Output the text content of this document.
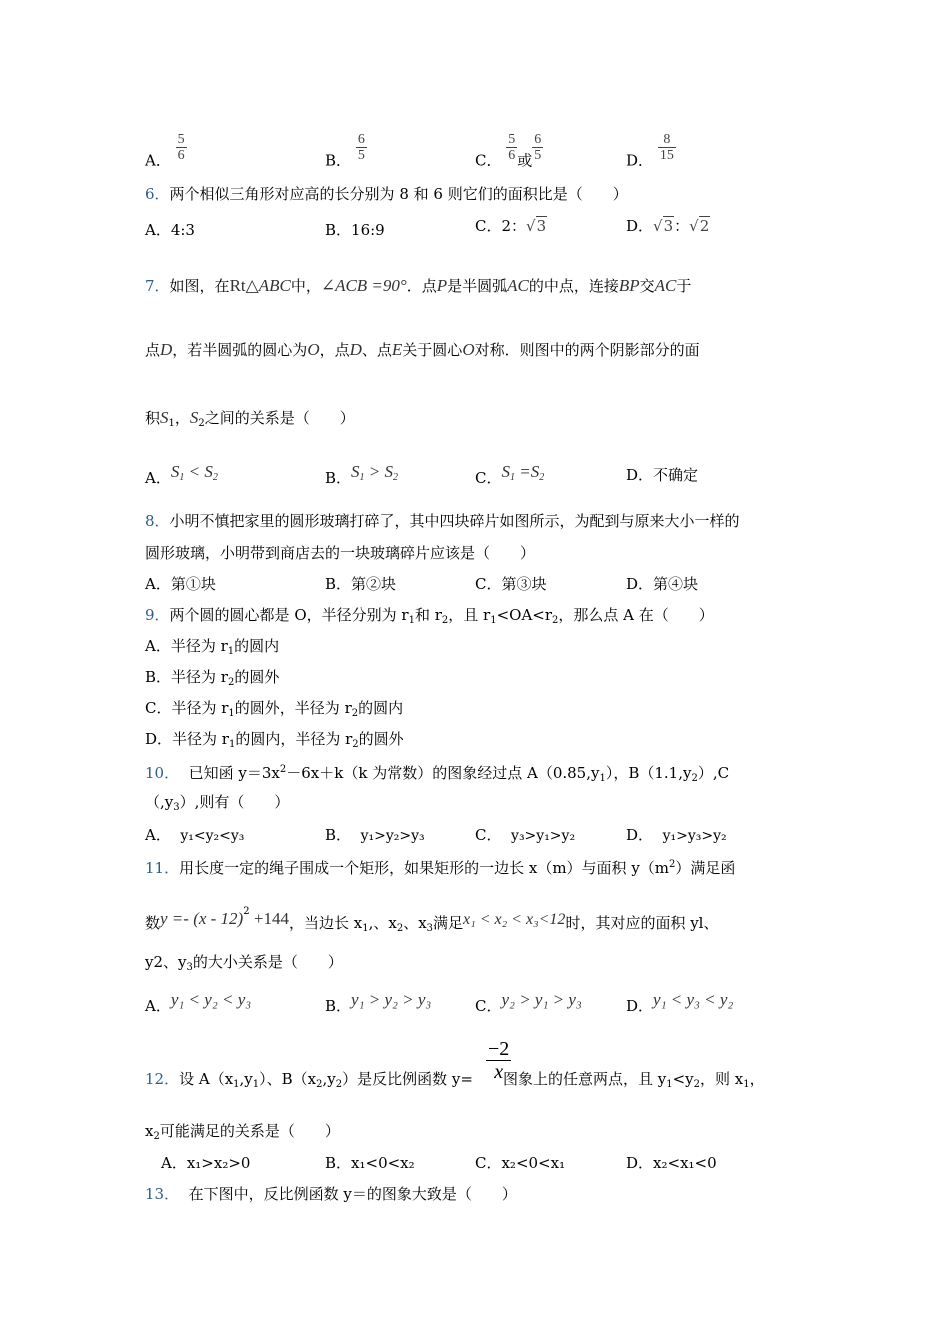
A． $\frac{5}{6}$	B． $\frac{6}{5}$	C． $\frac{5}{6}$ 或 $\frac{6}{5}$	D． $\frac{8}{15}$
6．两个相似三角形对应高的长分别为 8 和 6 则它们的面积比是（　　）
A．4:3	B．16:9	C．2：√3	D．√3：√2
7．如图，在Rt△ABC中，∠ACB =90°．点P是半圆弧AC的中点，连接BP交AC于
点D，若半圆弧的圆心为O，点D、点E关于圆心O对称．则图中的两个阴影部分的面
积$S_1$，$S_2$之间的关系是（　　）
A．$S_1 < S_2$	B．$S_1 > S_2$	C．$S_1 =S_2$	D．不确定
8．小明不慎把家里的圆形玻璃打碎了，其中四块碎片如图所示，为配到与原来大小一样的
圆形玻璃，小明带到商店去的一块玻璃碎片应该是（　　）
A．第①块	B．第②块	C．第③块	D．第④块
9．两个圆的圆心都是 O，半径分别为 $r_1$和 $r_2$，且 $r_1<OA<r_2$，那么点 A 在（　　）
A．半径为 $r_1$的圆内
B．半径为 $r_2$的圆外
C．半径为 $r_1$的圆外，半径为 $r_2$的圆内
D．半径为 $r_1$的圆内，半径为 $r_2$的圆外
10． 已知函 $y=3x^2-6x+k(k$ 为常数）的图象经过点 $A(0.85,y_1)$，$B(1.1,y_2),C$
$(,y_3)$,则有（　　）
A． y₁<y₂<y₃	B． y₁>y₂>y₃	C． y₃>y₁>y₂	D． y₁>y₃>y₂
11．用长度一定的绳子围成一个矩形，如果矩形的一边长 x（m）与面积 $y(m^2)$满足函
数y =- (x - 12)$^2$ +144，当边长 $x_1$,、$x_2$、$x_3$满足x₁ < x₂ < x₃<12时，其对应的面积 yl、
y2、$y_3$的大小关系是（　　）
A．y₁ < y₂ < y₃	B．y₁ > y₂ > y₃	C．y₂ > y₁ > y₃	D．y₁ < y₃ < y₂
$\frac{-2}{x}$
12．设 $A(x_1,y_1)$、$B(x_2,y_2)$是反比例函数 y= 图象上的任意两点，且 $y_1<y_2$，则 $x_1$，
$x_2$可能满足的关系是（　　）
A．x₁>x₂>0	B．x₁<0<x₂	C．x₂<0<x₁	D．x₂<x₁<0
13． 在下图中，反比例函数 y＝的图象大致是（　　）
